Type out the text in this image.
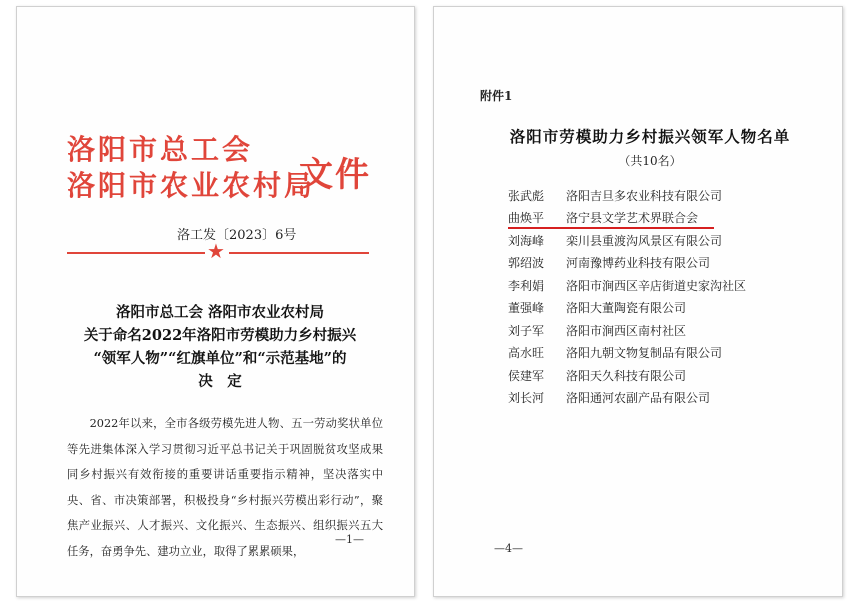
洛阳市总工会
洛阳市农业农村局
文件
洛工发〔2023〕6号
★
洛阳市总工会 洛阳市农业农村局
关于命名2022年洛阳市劳模助力乡村振兴
“领军人物”“红旗单位”和“示范基地”的
决　定
2022年以来，全市各级劳模先进人物、五一劳动奖状单位等先进集体深入学习贯彻习近平总书记关于巩固脱贫攻坚成果同乡村振兴有效衔接的重要讲话重要指示精神，坚决落实中央、省、市决策部署，积极投身“乡村振兴劳模出彩行动”，聚焦产业振兴、人才振兴、文化振兴、生态振兴、组织振兴五大任务，奋勇争先、建功立业，取得了累累硕果，
—1—
附件1
洛阳市劳模助力乡村振兴领军人物名单
（共10名）
张武彪	洛阳吉旦多农业科技有限公司
曲焕平	洛宁县文学艺术界联合会
刘海峰	栾川县重渡沟风景区有限公司
郭绍波	河南豫博药业科技有限公司
李利娟	洛阳市涧西区辛店街道史家沟社区
董强峰	洛阳大董陶瓷有限公司
刘子军	洛阳市涧西区南村社区
高水旺	洛阳九朝文物复制品有限公司
侯建军	洛阳天久科技有限公司
刘长河	洛阳通河农副产品有限公司
—4—
